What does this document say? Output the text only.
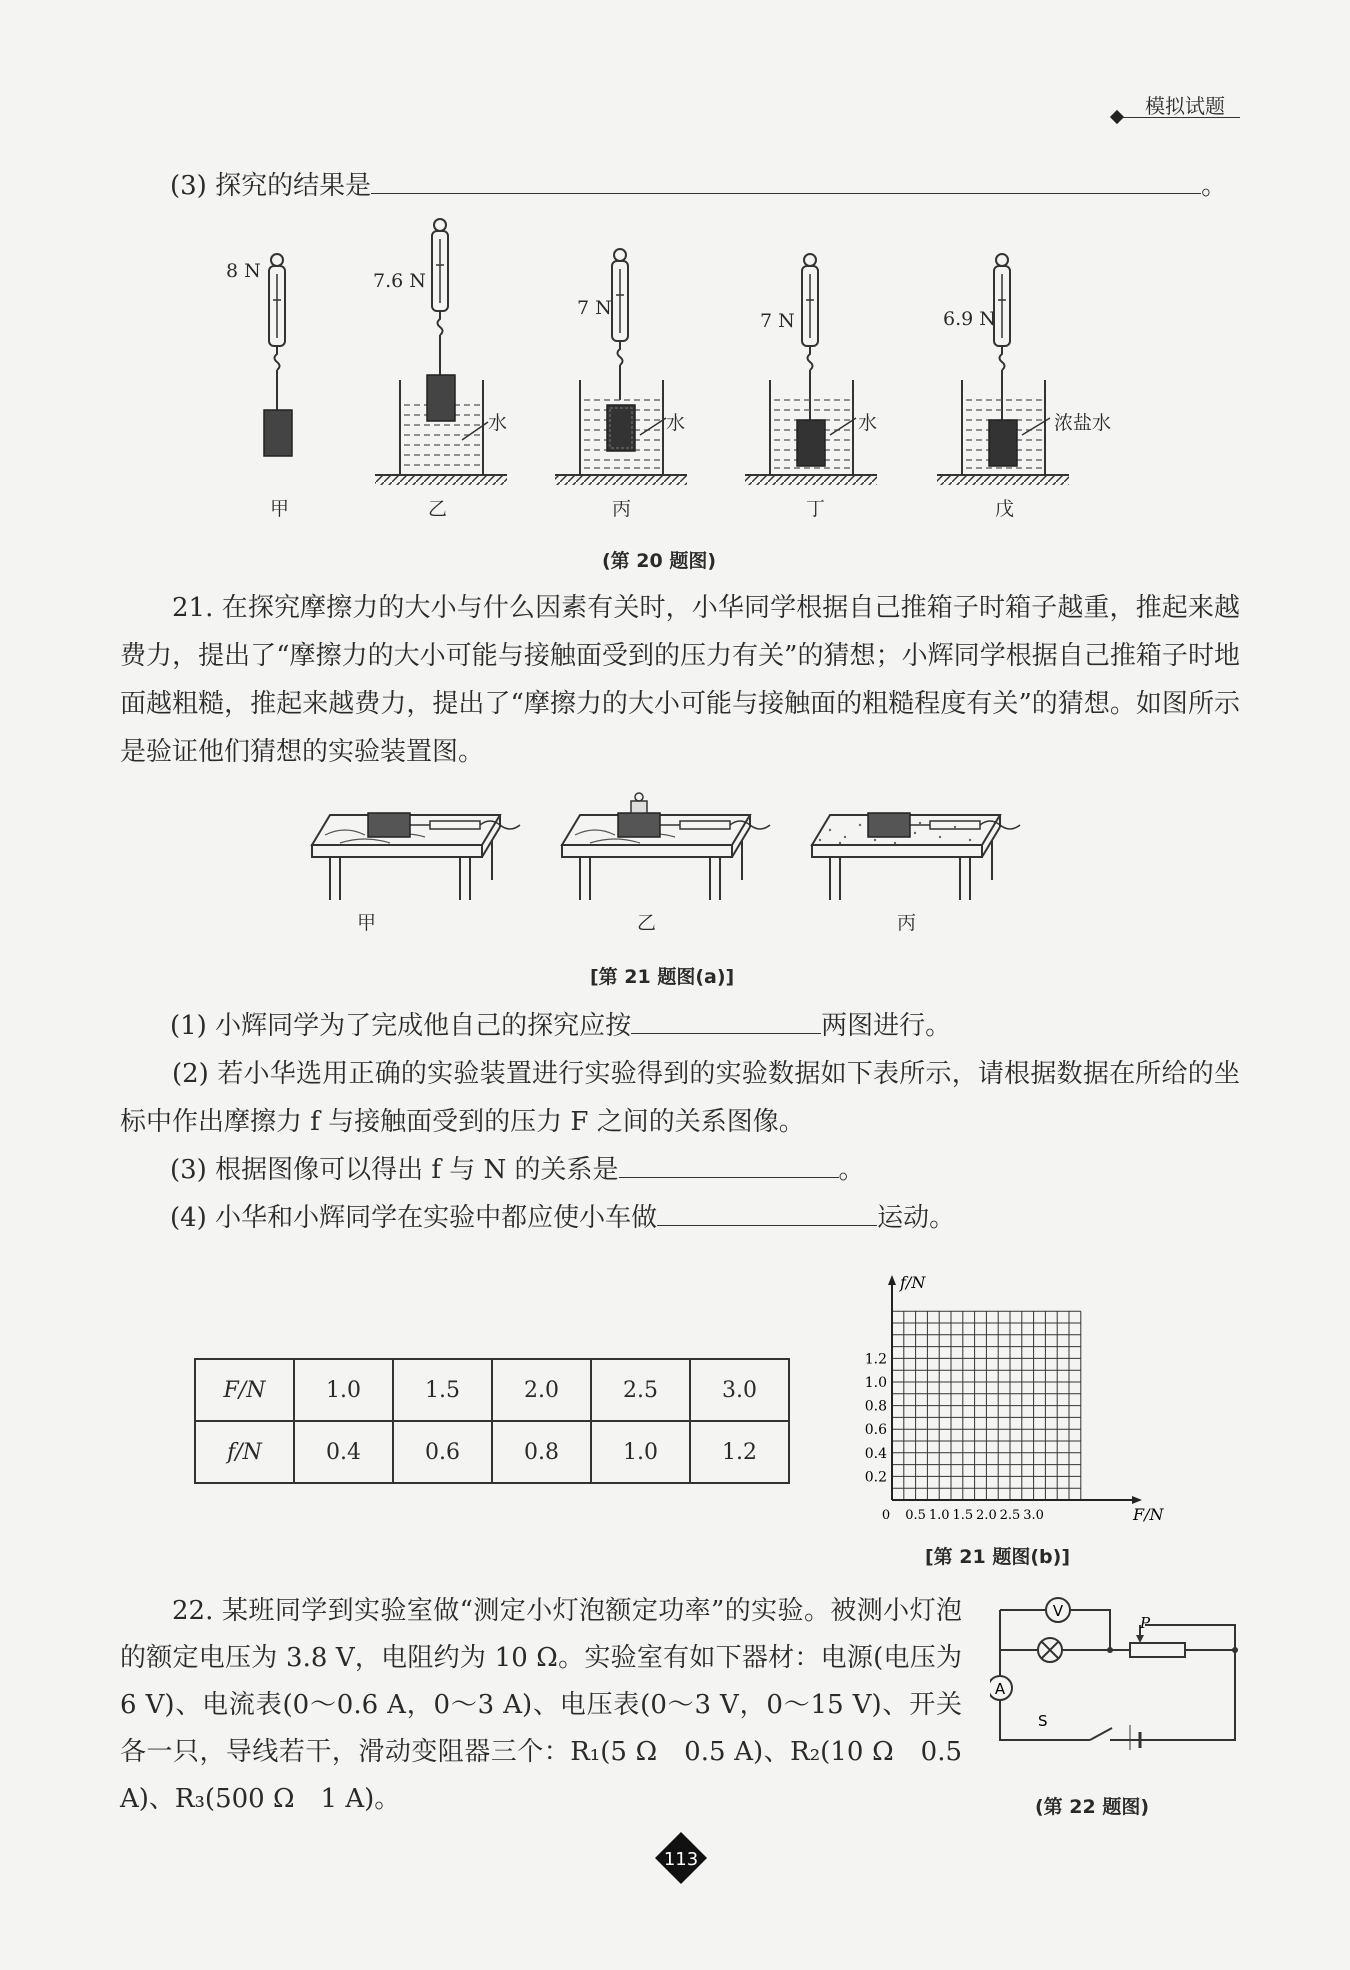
模拟试题
(3) 探究的结果是	。
8 N	7.6 N
7 N
7 N	6.9 N
水	水	水	浓盐水
甲	乙	丙	丁	戊
(第 20 题图)
21. 在探究摩擦力的大小与什么因素有关时，小华同学根据自己推箱子时箱子越重，推起来越费力，提出了“摩擦力的大小可能与接触面受到的压力有关”的猜想；小辉同学根据自己推箱子时地面越粗糙，推起来越费力，提出了“摩擦力的大小可能与接触面的粗糙程度有关”的猜想。如图所示是验证他们猜想的实验装置图。
甲	乙	丙
[第 21 题图(a)]
(1) 小辉同学为了完成他自己的探究应按	两图进行。
(2) 若小华选用正确的实验装置进行实验得到的实验数据如下表所示，请根据数据在所给的坐标中作出摩擦力 f 与接触面受到的压力 F 之间的关系图像。
(3) 根据图像可以得出 f 与 N 的关系是	。
(4) 小华和小辉同学在实验中都应使小车做	运动。
F/N	1.0	1.5	2.0	2.5	3.0
f/N	0.4	0.6	0.8	1.0	1.2
f/N
F/N
1.2
1.0
0.8
0.6
0.4
0.2
0 0.5 1.0 1.5 2.0 2.5 3.0
[第 21 题图(b)]
22. 某班同学到实验室做“测定小灯泡额定功率”的实验。被测小灯泡的额定电压为 3.8 V，电阻约为 10 Ω。实验室有如下器材：电源(电压为6 V)、电流表(0～0.6 A，0～3 A)、电压表(0～3 V，0～15 V)、开关各一只，导线若干，滑动变阻器三个：R₁(5 Ω　0.5 A)、R₂(10 Ω　0.5 A)、R₃(500 Ω　1 A)。
V
A
P
S
(第 22 题图)
113
